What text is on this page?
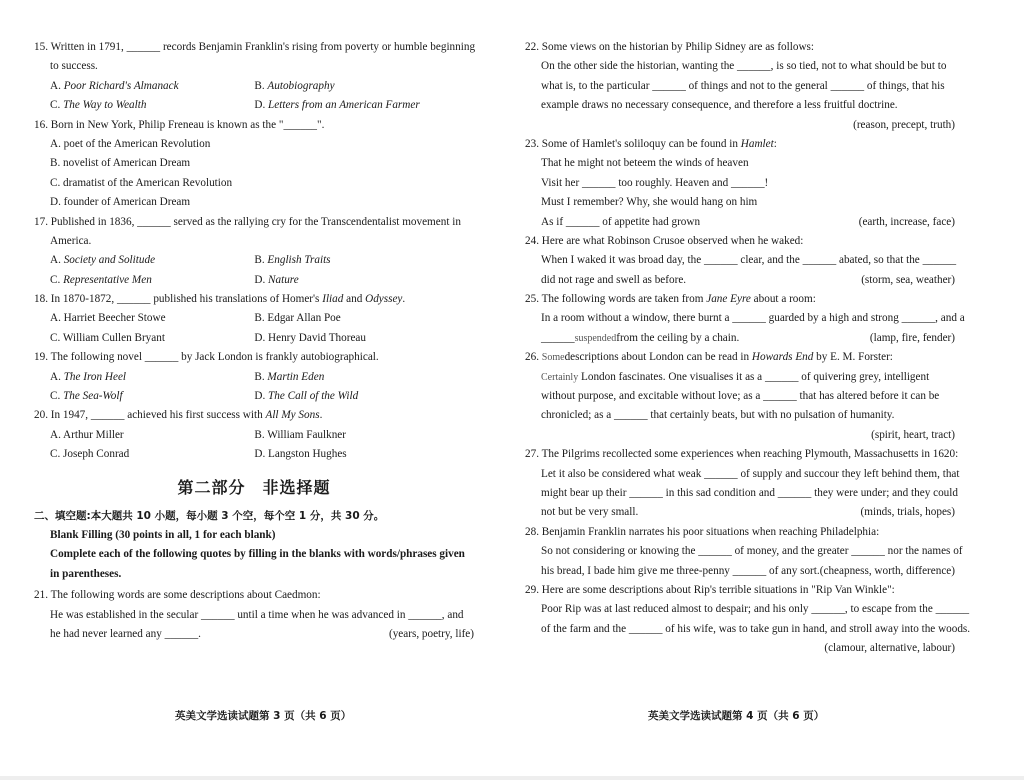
15. Written in 1791, ______ records Benjamin Franklin's rising from poverty or humble beginning
to success.
A. Poor Richard's Almanack	B. Autobiography
C. The Way to Wealth	D. Letters from an American Farmer
16. Born in New York, Philip Freneau is known as the "______".
A. poet of the American Revolution
B. novelist of American Dream
C. dramatist of the American Revolution
D. founder of American Dream
17. Published in 1836, ______ served as the rallying cry for the Transcendentalist movement in
America.
A. Society and Solitude	B. English Traits
C. Representative Men	D. Nature
18. In 1870-1872, ______ published his translations of Homer's Iliad and Odyssey.
A. Harriet Beecher Stowe	B. Edgar Allan Poe
C. William Cullen Bryant	D. Henry David Thoreau
19. The following novel ______ by Jack London is frankly autobiographical.
A. The Iron Heel	B. Martin Eden
C. The Sea-Wolf	D. The Call of the Wild
20. In 1947, ______ achieved his first success with All My Sons.
A. Arthur Miller	B. William Faulkner
C. Joseph Conrad	D. Langston Hughes
第二部分　非选择题
二、填空题:本大题共 10 小题，每小题 3 个空，每个空 1 分，共 30 分。
Blank Filling (30 points in all, 1 for each blank)
Complete each of the following quotes by filling in the blanks with words/phrases given
in parentheses.
21. The following words are some descriptions about Caedmon:
He was established in the secular ______ until a time when he was advanced in ______, and
he had never learned any ______.	(years, poetry, life)
英美文学选读试题第 3 页（共 6 页）
22. Some views on the historian by Philip Sidney are as follows:
On the other side the historian, wanting the ______, is so tied, not to what should be but to
what is, to the particular ______ of things and not to the general ______ of things, that his
example draws no necessary consequence, and therefore a less fruitful doctrine.
(reason, precept, truth)
23. Some of Hamlet's soliloquy can be found in Hamlet:
That he might not beteem the winds of heaven
Visit her ______ too roughly. Heaven and ______!
Must I remember? Why, she would hang on him
As if ______ of appetite had grown	(earth, increase, face)
24. Here are what Robinson Crusoe observed when he waked:
When I waked it was broad day, the ______ clear, and the ______ abated, so that the ______
did not rage and swell as before.	(storm, sea, weather)
25. The following words are taken from Jane Eyre about a room:
In a room without a window, there burnt a ______ guarded by a high and strong ______, and a
______suspendedfrom the ceiling by a chain.	(lamp, fire, fender)
26. Somedescriptions about London can be read in Howards End by E. M. Forster:
Certainly London fascinates. One visualises it as a ______ of quivering grey, intelligent
without purpose, and excitable without love; as a ______ that has altered before it can be
chronicled; as a ______ that certainly beats, but with no pulsation of humanity.
(spirit, heart, tract)
27. The Pilgrims recollected some experiences when reaching Plymouth, Massachusetts in 1620:
Let it also be considered what weak ______ of supply and succour they left behind them, that
might bear up their ______ in this sad condition and ______ they were under; and they could
not but be very small.	(minds, trials, hopes)
28. Benjamin Franklin narrates his poor situations when reaching Philadelphia:
So not considering or knowing the ______ of money, and the greater ______ nor the names of
his bread, I bade him give me three-penny ______ of any sort. (cheapness, worth, difference)
29. Here are some descriptions about Rip's terrible situations in "Rip Van Winkle":
Poor Rip was at last reduced almost to despair; and his only ______, to escape from the ______
of the farm and the ______ of his wife, was to take gun in hand, and stroll away into the woods.
(clamour, alternative, labour)
英美文学选读试题第 4 页（共 6 页）
